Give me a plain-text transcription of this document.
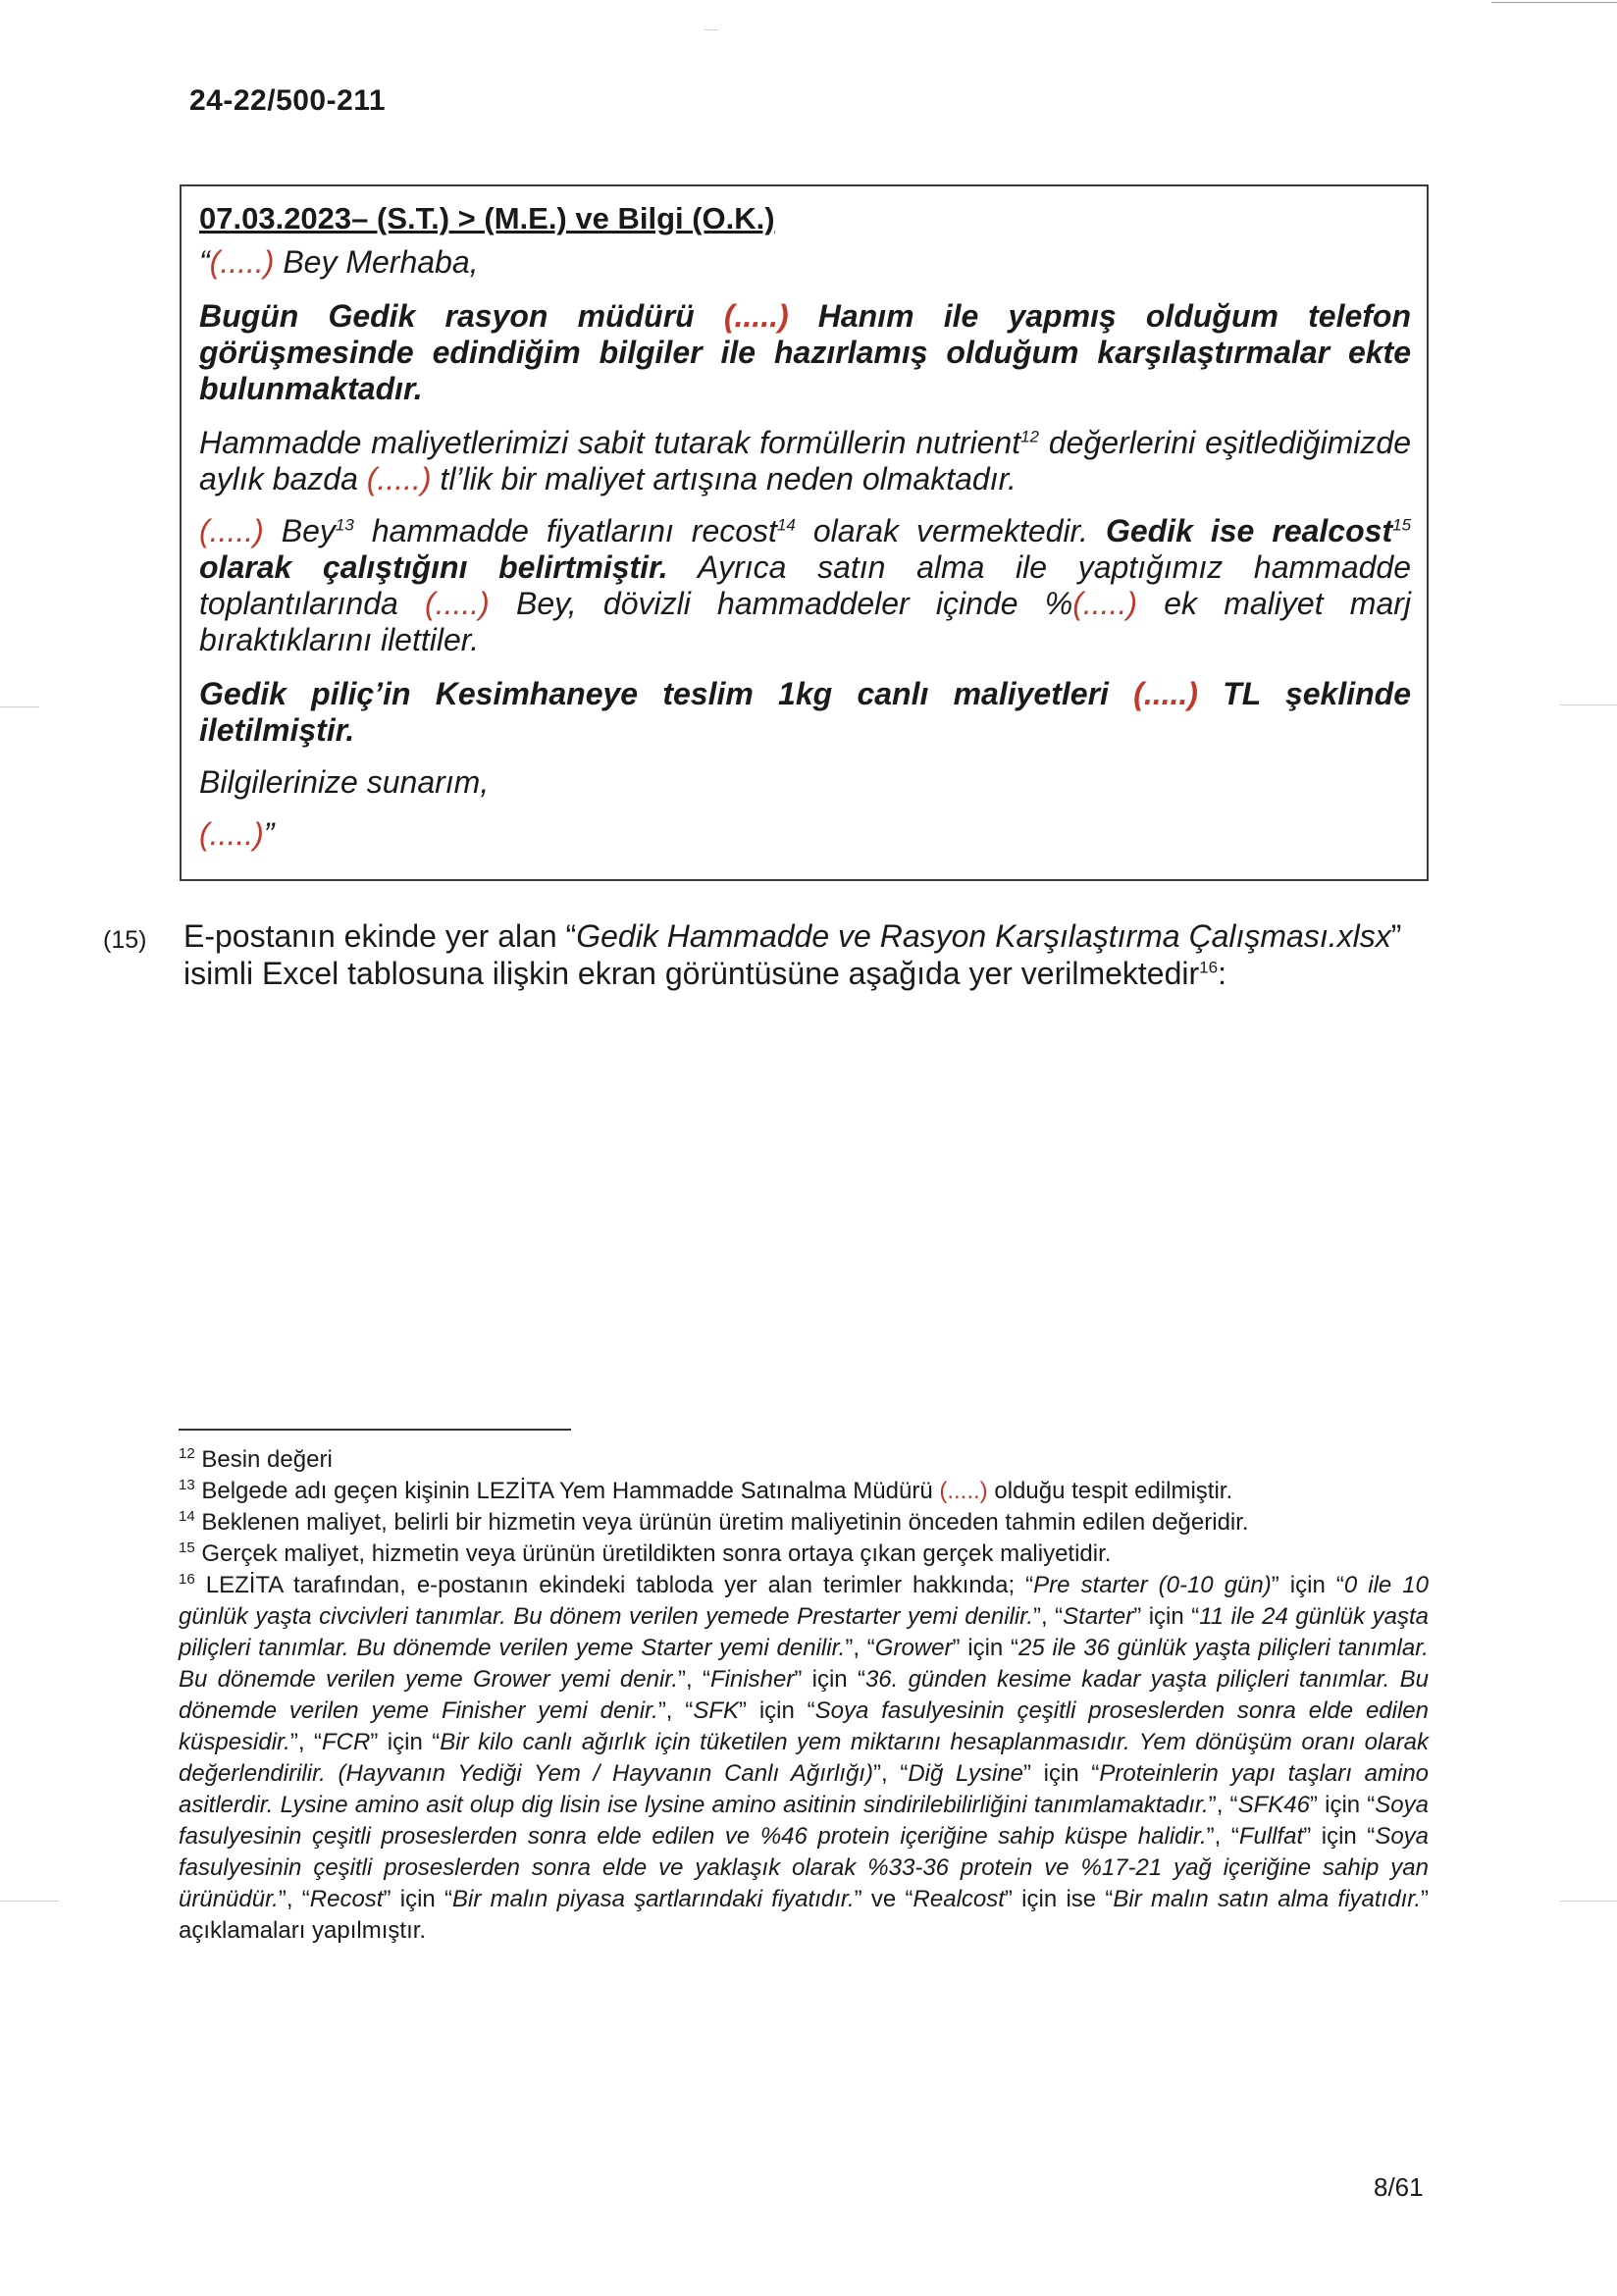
24-22/500-211

07.03.2023– (S.T.) > (M.E.) ve Bilgi (O.K.)

“(.....) Bey Merhaba,

Bugün Gedik rasyon müdürü (.....) Hanım ile yapmış olduğum telefon görüşmesinde edindiğim bilgiler ile hazırlamış olduğum karşılaştırmalar ekte bulunmaktadır.

Hammadde maliyetlerimizi sabit tutarak formüllerin nutrient$^{12}$ değerlerini eşitlediğimizde aylık bazda (.....) tl’lik bir maliyet artışına neden olmaktadır.

(.....) Bey$^{13}$ hammadde fiyatlarını recost$^{14}$ olarak vermektedir. Gedik ise realcost$^{15}$ olarak çalıştığını belirtmiştir. Ayrıca satın alma ile yaptığımız hammadde toplantılarında (.....) Bey, dövizli hammaddeler içinde %(.....) ek maliyet marj bıraktıklarını ilettiler.

Gedik piliç’in Kesimhaneye teslim 1kg canlı maliyetleri (.....) TL şeklinde iletilmiştir.

Bilgilerinize sunarım,

(.....)”

(15) E-postanın ekinde yer alan “Gedik Hammadde ve Rasyon Karşılaştırma Çalışması.xlsx” isimli Excel tablosuna ilişkin ekran görüntüsüne aşağıda yer verilmektedir$^{16}$:

$^{12}$ Besin değeri

$^{13}$ Belgede adı geçen kişinin LEZİTA Yem Hammadde Satınalma Müdürü (.....) olduğu tespit edilmiştir.

$^{14}$ Beklenen maliyet, belirli bir hizmetin veya ürünün üretim maliyetinin önceden tahmin edilen değeridir.

$^{15}$ Gerçek maliyet, hizmetin veya ürünün üretildikten sonra ortaya çıkan gerçek maliyetidir.

$^{16}$ LEZİTA tarafından, e-postanın ekindeki tabloda yer alan terimler hakkında; “Pre starter (0-10 gün)” için “0 ile 10 günlük yaşta civcivleri tanımlar. Bu dönem verilen yemede Prestarter yemi denilir.”, “Starter” için “11 ile 24 günlük yaşta piliçleri tanımlar. Bu dönemde verilen yeme Starter yemi denilir.”, “Grower” için “25 ile 36 günlük yaşta piliçleri tanımlar. Bu dönemde verilen yeme Grower yemi denir.”, “Finisher” için “36. günden kesime kadar yaşta piliçleri tanımlar. Bu dönemde verilen yeme Finisher yemi denir.”, “SFK” için “Soya fasulyesinin çeşitli proseslerden sonra elde edilen küspesidir.”, “FCR” için “Bir kilo canlı ağırlık için tüketilen yem miktarını hesaplanmasıdır. Yem dönüşüm oranı olarak değerlendirilir. (Hayvanın Yediği Yem / Hayvanın Canlı Ağırlığı)”, “Diğ Lysine” için “Proteinlerin yapı taşları amino asitlerdir. Lysine amino asit olup dig lisin ise lysine amino asitinin sindirilebilirliğini tanımlamaktadır.”, “SFK46” için “Soya fasulyesinin çeşitli proseslerden sonra elde edilen ve %46 protein içeriğine sahip küspe halidir.”, “Fullfat” için “Soya fasulyesinin çeşitli proseslerden sonra elde ve yaklaşık olarak %33-36 protein ve %17-21 yağ içeriğine sahip yan ürünüdür.”, “Recost” için “Bir malın piyasa şartlarındaki fiyatıdır.” ve “Realcost” için ise “Bir malın satın alma fiyatıdır.” açıklamaları yapılmıştır.

8/61
